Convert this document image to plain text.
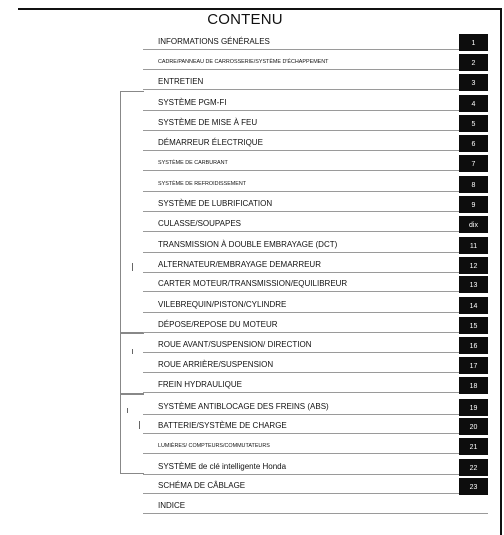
CONTENU
INFORMATIONS GÉNÉRALES	1
CADRE/PANNEAU DE CARROSSERIE/SYSTÈME D'ÉCHAPPEMENT	2
ENTRETIEN	3
SYSTÈME PGM-FI	4
SYSTÈME DE MISE À FEU	5
DÉMARREUR ÉLECTRIQUE	6
SYSTÈME DE CARBURANT	7
SYSTÈME DE REFROIDISSEMENT	8
SYSTÈME DE LUBRIFICATION	9
CULASSE/SOUPAPES	dix
TRANSMISSION À DOUBLE EMBRAYAGE (DCT)	11
ALTERNATEUR/EMBRAYAGE DEMARREUR	12
CARTER MOTEUR/TRANSMISSION/EQUILIBREUR	13
VILEBREQUIN/PISTON/CYLINDRE	14
DÉPOSE/REPOSE DU MOTEUR	15
ROUE AVANT/SUSPENSION/ DIRECTION	16
ROUE ARRIÈRE/SUSPENSION	17
FREIN HYDRAULIQUE	18
SYSTÈME ANTIBLOCAGE DES FREINS (ABS)	19
BATTERIE/SYSTÈME DE CHARGE	20
LUMIÈRES/ COMPTEURS/COMMUTATEURS	21
SYSTÈME de clé intelligente Honda	22
SCHÉMA DE CÂBLAGE	23
INDICE
